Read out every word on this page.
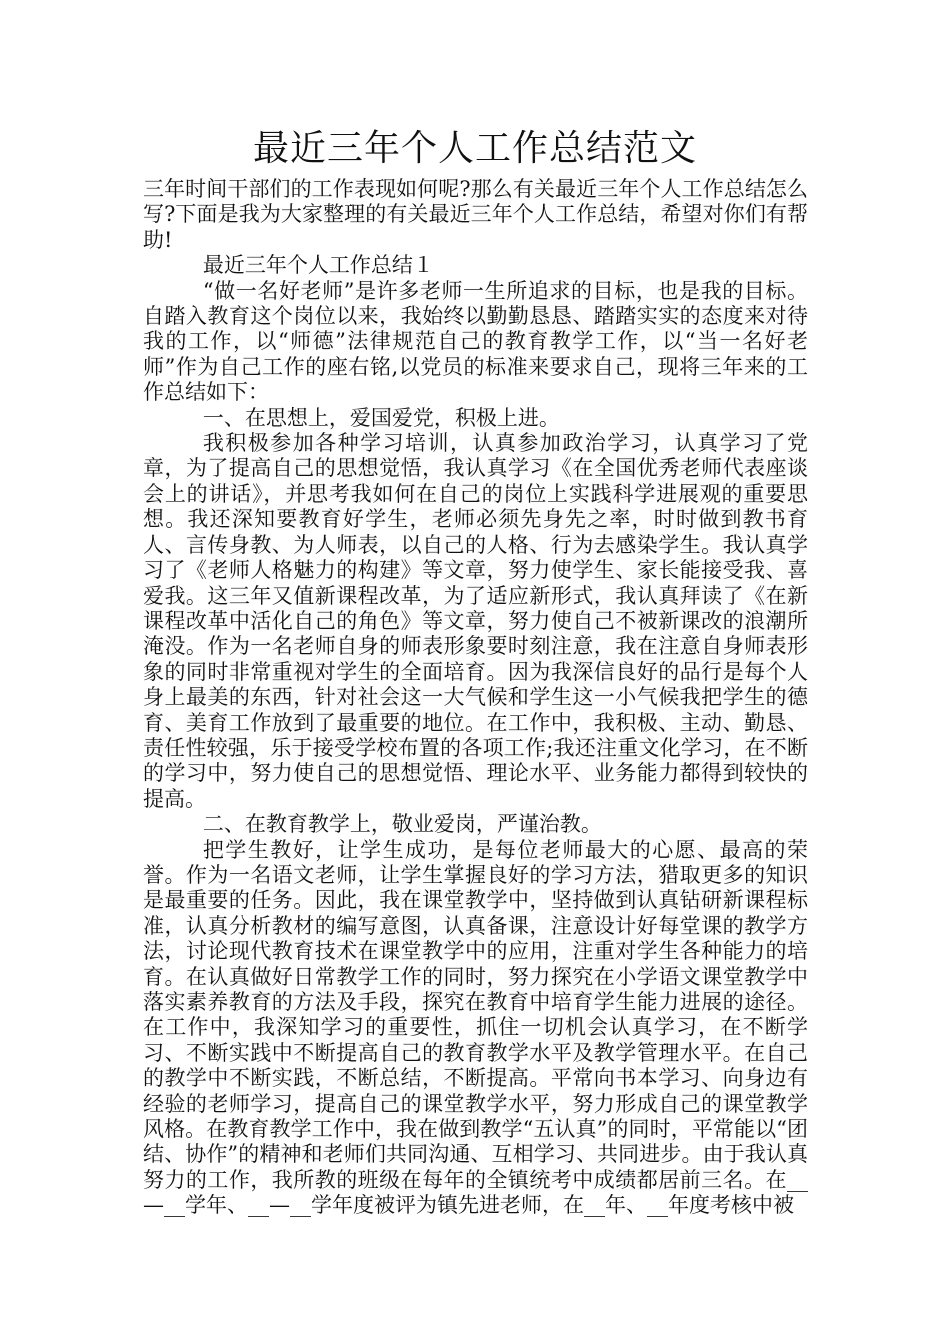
最近三年个人工作总结范文

三年时间干部们的工作表现如何呢?那么有关最近三年个人工作总结怎么写?下面是我为大家整理的有关最近三年个人工作总结，希望对你们有帮助!

最近三年个人工作总结１

“做一名好老师”是许多老师一生所追求的目标，也是我的目标。自踏入教育这个岗位以来，我始终以勤勤恳恳、踏踏实实的态度来对待我的工作，以“师德”法律规范自己的教育教学工作，以“当一名好老师”作为自己工作的座右铭,以党员的标准来要求自己，现将三年来的工作总结如下：

一、在思想上，爱国爱党，积极上进。

我积极参加各种学习培训，认真参加政治学习，认真学习了党章，为了提高自己的思想觉悟，我认真学习《在全国优秀老师代表座谈会上的讲话》，并思考我如何在自己的岗位上实践科学进展观的重要思想。我还深知要教育好学生，老师必须先身先之率，时时做到教书育人、言传身教、为人师表，以自己的人格、行为去感染学生。我认真学习了《老师人格魅力的构建》等文章，努力使学生、家长能接受我、喜爱我。这三年又值新课程改革，为了适应新形式，我认真拜读了《在新课程改革中活化自己的角色》等文章，努力使自己不被新课改的浪潮所淹没。作为一名老师自身的师表形象要时刻注意，我在注意自身师表形象的同时非常重视对学生的全面培育。因为我深信良好的品行是每个人身上最美的东西，针对社会这一大气候和学生这一小气候我把学生的德育、美育工作放到了最重要的地位。在工作中，我积极、主动、勤恳、责任性较强，乐于接受学校布置的各项工作;我还注重文化学习，在不断的学习中，努力使自己的思想觉悟、理论水平、业务能力都得到较快的提高。

二、在教育教学上，敬业爱岗，严谨治教。

把学生教好，让学生成功，是每位老师最大的心愿、最高的荣誉。作为一名语文老师，让学生掌握良好的学习方法，猎取更多的知识是最重要的任务。因此，我在课堂教学中，坚持做到认真钻研新课程标准，认真分析教材的编写意图，认真备课，注意设计好每堂课的教学方法，讨论现代教育技术在课堂教学中的应用，注重对学生各种能力的培育。在认真做好日常教学工作的同时，努力探究在小学语文课堂教学中落实素养教育的方法及手段，探究在教育中培育学生能力进展的途径。在工作中，我深知学习的重要性，抓住一切机会认真学习，在不断学习、不断实践中不断提高自己的教育教学水平及教学管理水平。在自己的教学中不断实践，不断总结，不断提高。平常向书本学习、向身边有经验的老师学习，提高自己的课堂教学水平，努力形成自己的课堂教学风格。在教育教学工作中，我在做到教学“五认真”的同时，平常能以“团结、协作”的精神和老师们共同沟通、互相学习、共同进步。由于我认真努力的工作，我所教的班级在每年的全镇统考中成绩都居前三名。在__—__学年、__—__学年度被评为镇先进老师，在__年、__年度考核中被
